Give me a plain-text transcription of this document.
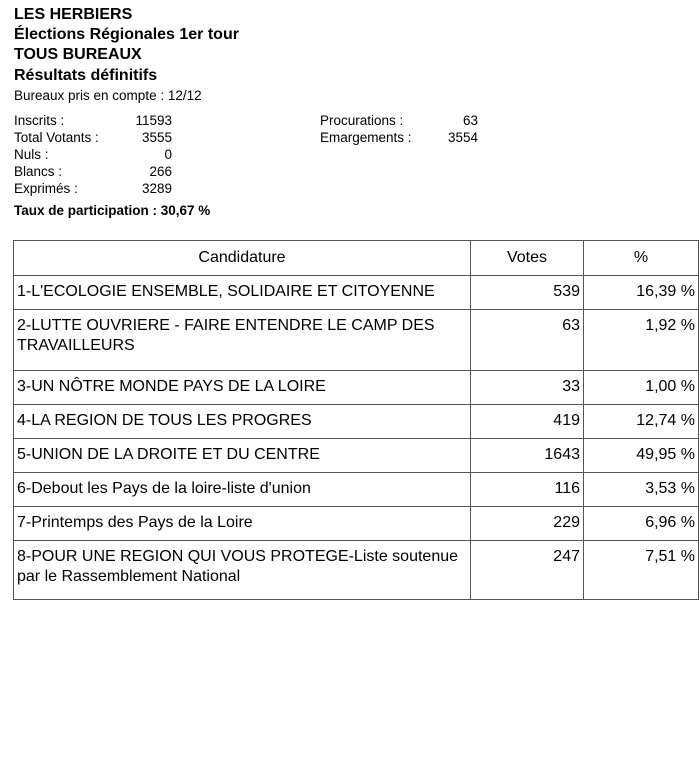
LES HERBIERS
Élections Régionales 1er tour
TOUS BUREAUX
Résultats définitifs
Bureaux pris en compte : 12/12
Inscrits :	11593
Total Votants :	3555
Nuls :	0
Blancs :	266
Exprimés :	3289
Procurations :	63
Emargements :	3554
Taux de participation : 30,67 %
Candidature	Votes	%
1-L'ECOLOGIE ENSEMBLE, SOLIDAIRE ET CITOYENNE	539	16,39 %
2-LUTTE OUVRIERE - FAIRE ENTENDRE LE CAMP DES TRAVAILLEURS	63	1,92 %
3-UN NÔTRE MONDE PAYS DE LA LOIRE	33	1,00 %
4-LA REGION DE TOUS LES PROGRES	419	12,74 %
5-UNION DE LA DROITE ET DU CENTRE	1643	49,95 %
6-Debout les Pays de la loire-liste d'union	116	3,53 %
7-Printemps des Pays de la Loire	229	6,96 %
8-POUR UNE REGION QUI VOUS PROTEGE-Liste soutenue par le Rassemblement National	247	7,51 %
